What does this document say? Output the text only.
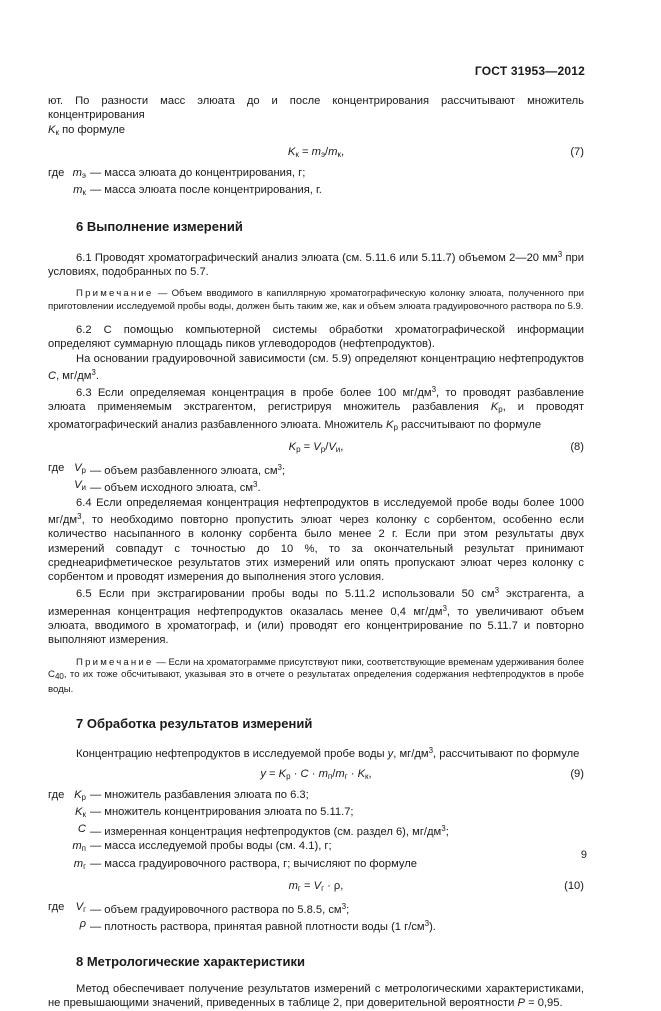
ГОСТ 31953—2012

ют. По разности масс элюата до и после концентрирования рассчитывают множитель концентрирования

$K_к$ по формуле

$K_к = m_э/m_к$,	(7)
где $m_э$ — масса элюата до концентрирования, г;
$m_к$ — масса элюата после концентрирования, г.
6 Выполнение измерений

6.1 Проводят хроматографический анализ элюата (см. 5.11.6 или 5.11.7) объемом 2—20 $мм^3$ при условиях, подобранных по 5.7.

Примечание — Объем вводимого в капиллярную хроматографическую колонку элюата, полученного при приготовлении исследуемой пробы воды, должен быть таким же, как и объем элюата градуировочного раствора по 5.9.

6.2 С помощью компьютерной системы обработки хроматографической информации определяют суммарную площадь пиков углеводородов (нефтепродуктов).

На основании градуировочной зависимости (см. 5.9) определяют концентрацию нефтепродуктов C, $мг/дм^3$.

6.3 Если определяемая концентрация в пробе более 100 $мг/дм^3$, то проводят разбавление элюата применяемым экстрагентом, регистрируя множитель разбавления $K_р$, и проводят хроматографический анализ разбавленного элюата. Множитель $K_р$ рассчитывают по формуле

$K_р = V_р/V_и$,	(8)
где $V_р$ — объем разбавленного элюата, $см^3$;
$V_и$ — объем исходного элюата, $см^3$.

6.4 Если определяемая концентрация нефтепродуктов в исследуемой пробе воды более 1000 $мг/дм^3$, то необходимо повторно пропустить элюат через колонку с сорбентом, особенно если количество насыпанного в колонку сорбента было менее 2 г. Если при этом результаты двух измерений совпадут с точностью до 10 %, то за окончательный результат принимают среднеарифметическое результатов этих измерений или опять пропускают элюат через колонку с сорбентом и проводят измерения до выполнения этого условия.

6.5 Если при экстрагировании пробы воды по 5.11.2 использовали 50 $см^3$ экстрагента, а измеренная концентрация нефтепродуктов оказалась менее 0,4 $мг/дм^3$, то увеличивают объем элюата, вводимого в хроматограф, и (или) проводят его концентрирование по 5.11.7 и повторно выполняют измерения.

Примечание — Если на хроматограмме присутствуют пики, соответствующие временам удерживания более $C_{40}$, то их тоже обсчитывают, указывая это в отчете о результатах определения содержания нефтепродуктов в пробе воды.

7 Обработка результатов измерений

Концентрацию нефтепродуктов в исследуемой пробе воды y, $мг/дм^3$, рассчитывают по формуле

$y = K_р \cdot C \cdot m_п/m_г \cdot K_к$,	(9)
где $K_р$ — множитель разбавления элюата по 6.3;
$K_к$ — множитель концентрирования элюата по 5.11.7;
C — измеренная концентрация нефтепродуктов (см. раздел 6), $мг/дм^3$;
$m_п$ — масса исследуемой пробы воды (см. 4.1), г;
$m_г$ — масса градуировочного раствора, г; вычисляют по формуле
$m_г = V_г \cdot \rho$,	(10)
где	$V_г$ — объем градуировочного раствора по 5.8.5, $см^3$;
ρ — плотность раствора, принятая равной плотности воды (1 $г/см^3$).
8 Метрологические характеристики

Метод обеспечивает получение результатов измерений с метрологическими характеристиками, не превышающими значений, приведенных в таблице 2, при доверительной вероятности P = 0,95.

9
